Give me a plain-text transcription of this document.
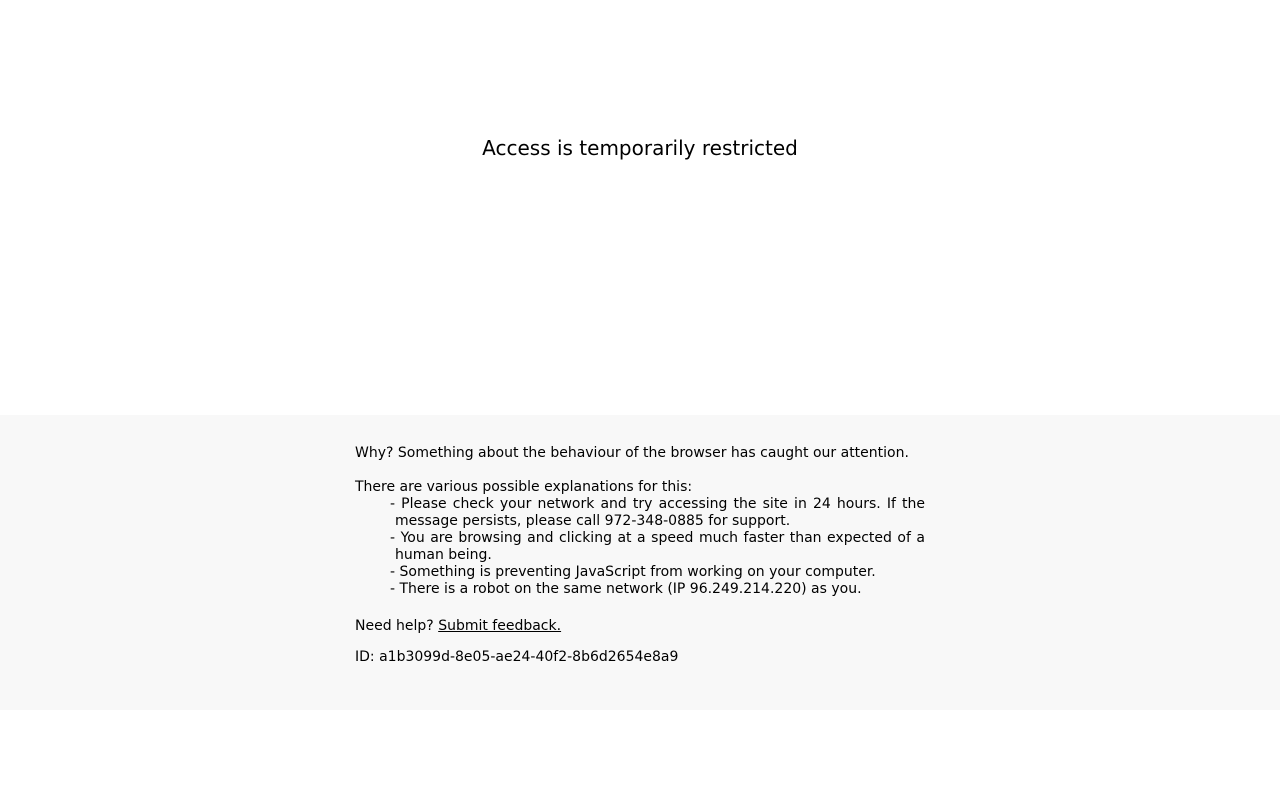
Access is temporarily restricted

Why? Something about the behaviour of the browser has caught our attention.

There are various possible explanations for this:

- Please check your network and try accessing the site in 24 hours. If the message persists, please call 972-348-0885 for support.
- You are browsing and clicking at a speed much faster than expected of a human being.
- Something is preventing JavaScript from working on your computer.
- There is a robot on the same network (IP 96.249.214.220) as you.

Need help? Submit feedback.

ID: a1b3099d-8e05-ae24-40f2-8b6d2654e8a9
